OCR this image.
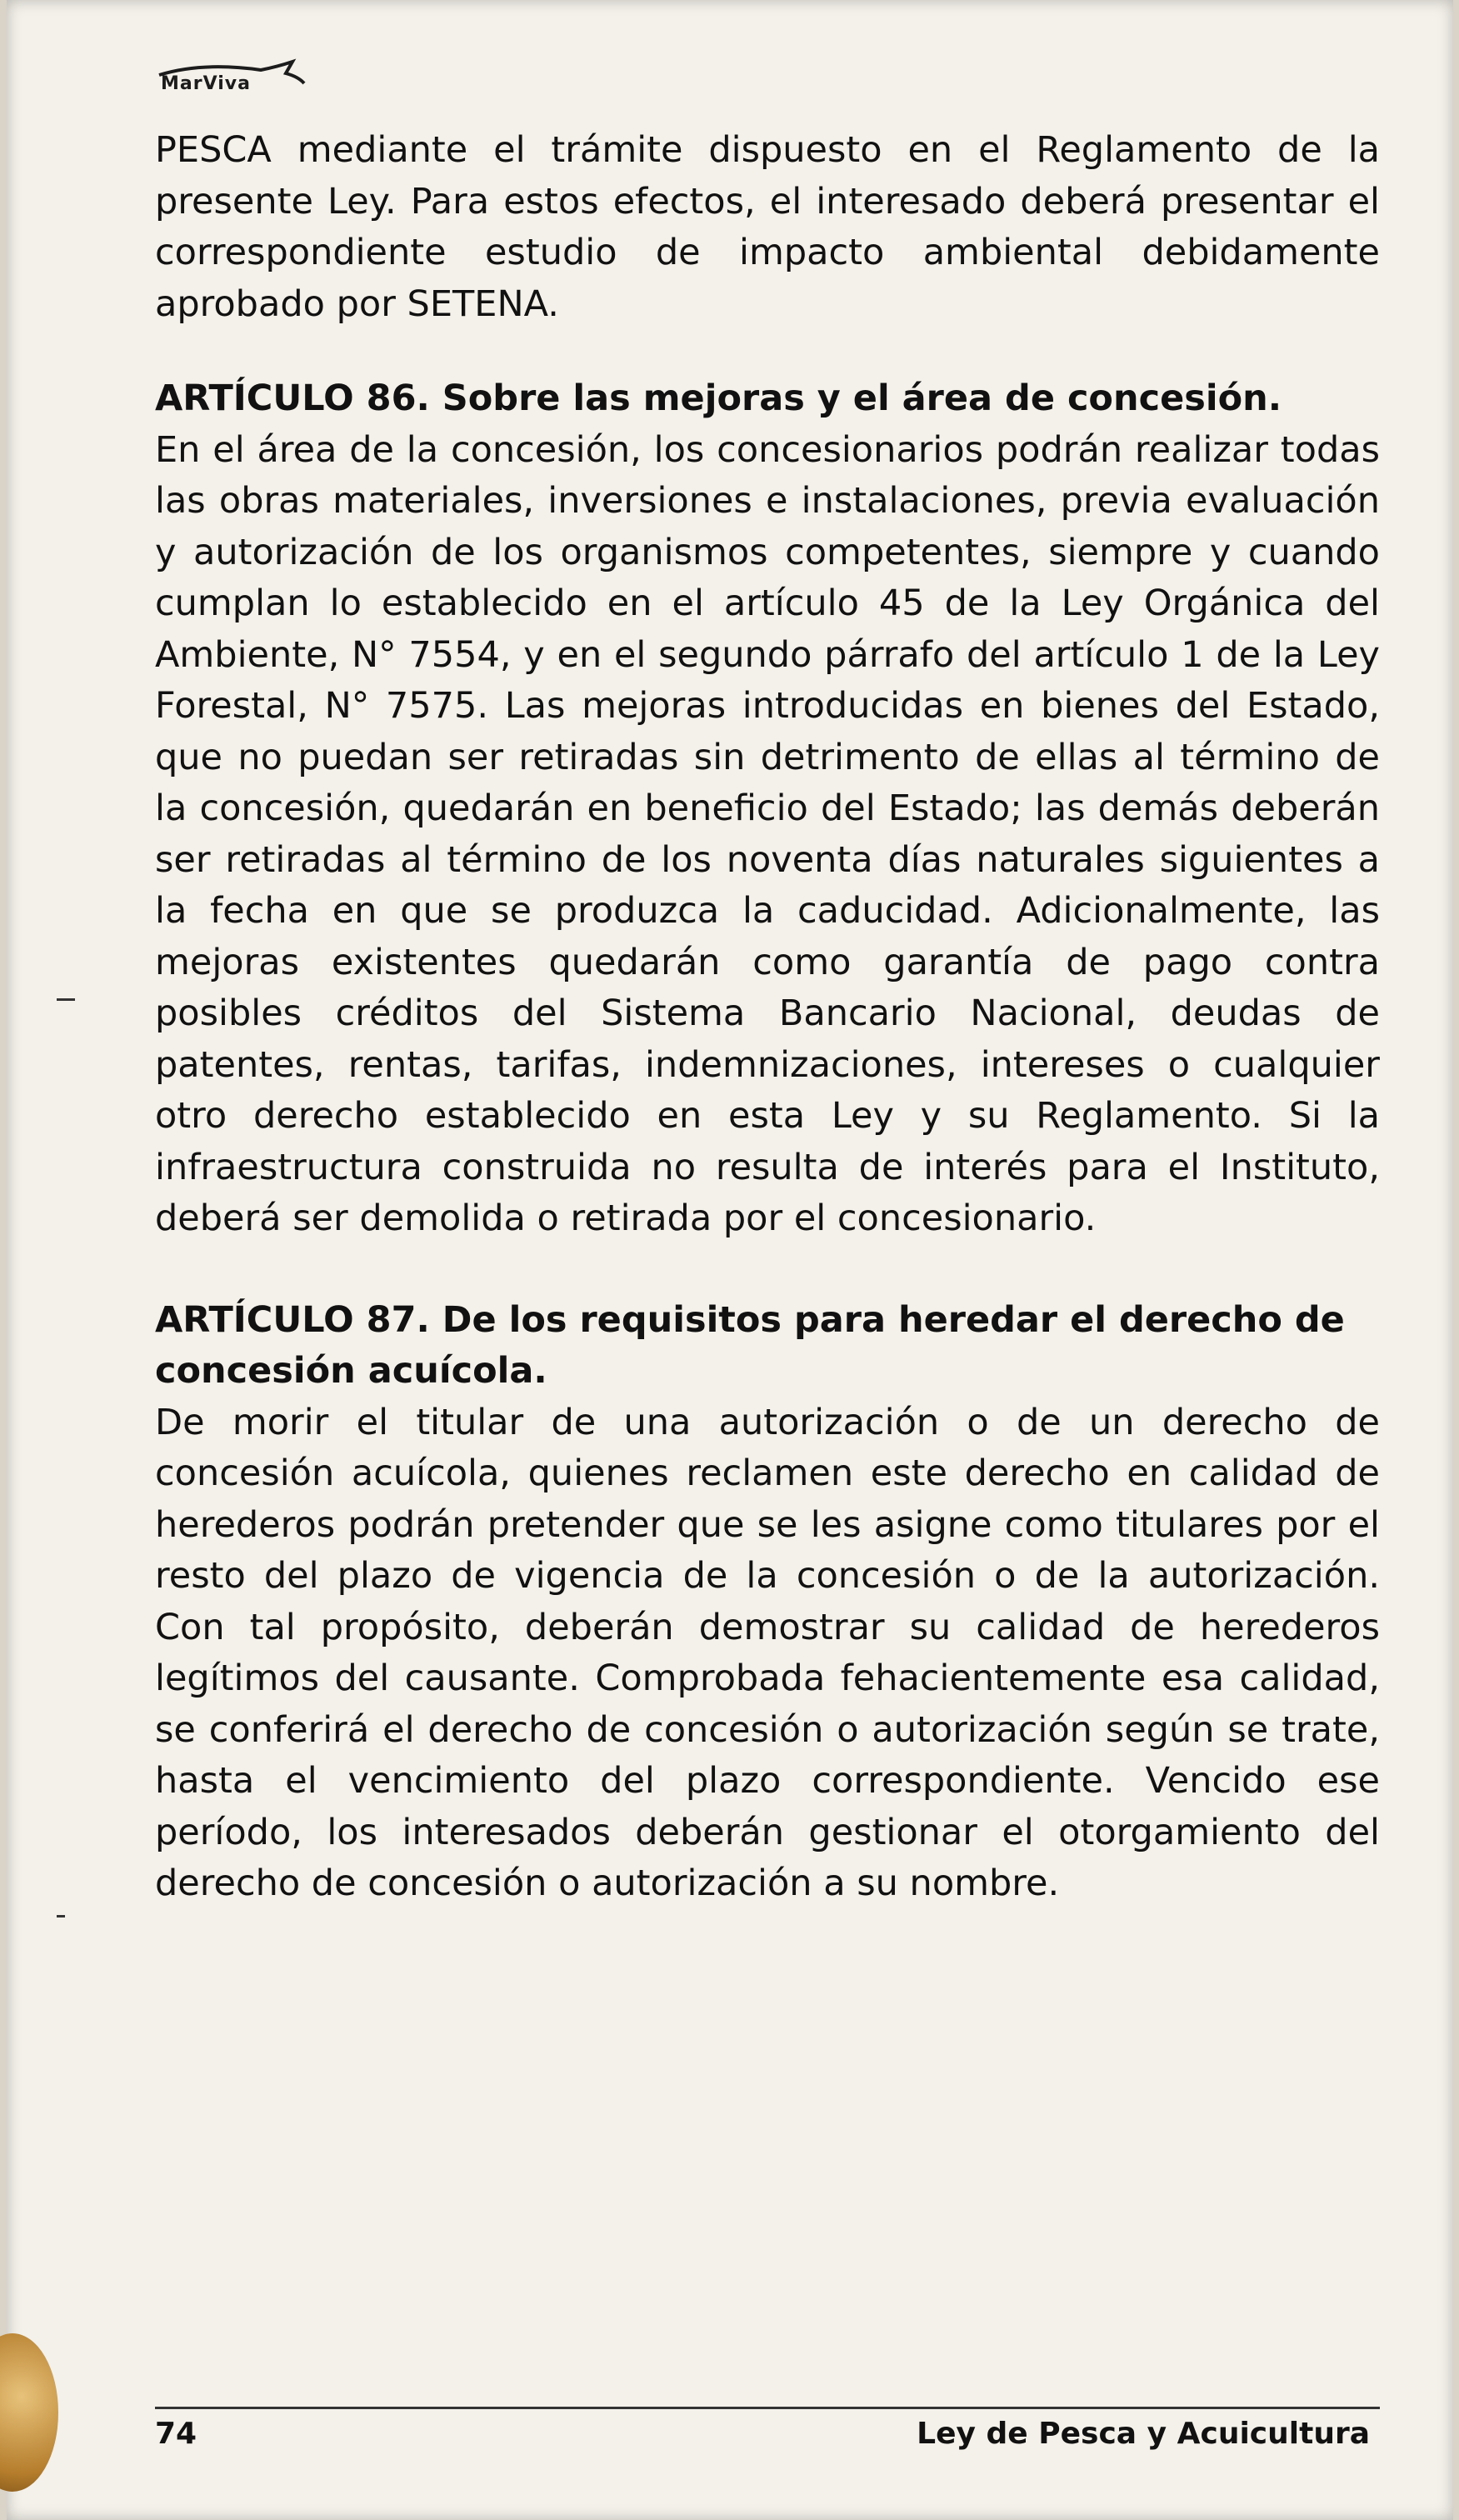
MarViva

PESCA mediante el trámite dispuesto en el Reglamento de la presente Ley. Para estos efectos, el interesado deberá presentar el correspondiente estudio de impacto ambiental debidamente aprobado por SETENA.

ARTÍCULO 86. Sobre las mejoras y el área de concesión.

En el área de la concesión, los concesionarios podrán realizar todas las obras materiales, inversiones e instalaciones, previa evaluación y autorización de los organismos competentes, siempre y cuando cumplan lo establecido en el artículo 45 de la Ley Orgánica del Ambiente, N° 7554, y en el segundo párrafo del artículo 1 de la Ley Forestal, N° 7575. Las mejoras introducidas en bienes del Estado, que no puedan ser retiradas sin detrimento de ellas al término de la concesión, quedarán en beneficio del Estado; las demás deberán ser retiradas al término de los noventa días naturales siguientes a la fecha en que se produzca la caducidad. Adicionalmente, las mejoras existentes quedarán como garantía de pago contra posibles créditos del Sistema Bancario Nacional, deudas de patentes, rentas, tarifas, indemnizaciones, intereses o cualquier otro derecho establecido en esta Ley y su Reglamento. Si la infraestructura construida no resulta de interés para el Instituto, deberá ser demolida o retirada por el concesionario.

ARTÍCULO 87. De los requisitos para heredar el derecho de concesión acuícola.

De morir el titular de una autorización o de un derecho de concesión acuícola, quienes reclamen este derecho en calidad de herederos podrán pretender que se les asigne como titulares por el resto del plazo de vigencia de la concesión o de la autorización. Con tal propósito, deberán demostrar su calidad de herederos legítimos del causante. Comprobada fehacientemente esa calidad, se conferirá el derecho de concesión o autorización según se trate, hasta el vencimiento del plazo correspondiente. Vencido ese período, los interesados deberán gestionar el otorgamiento del derecho de concesión o autorización a su nombre.

74	Ley de Pesca y Acuicultura
